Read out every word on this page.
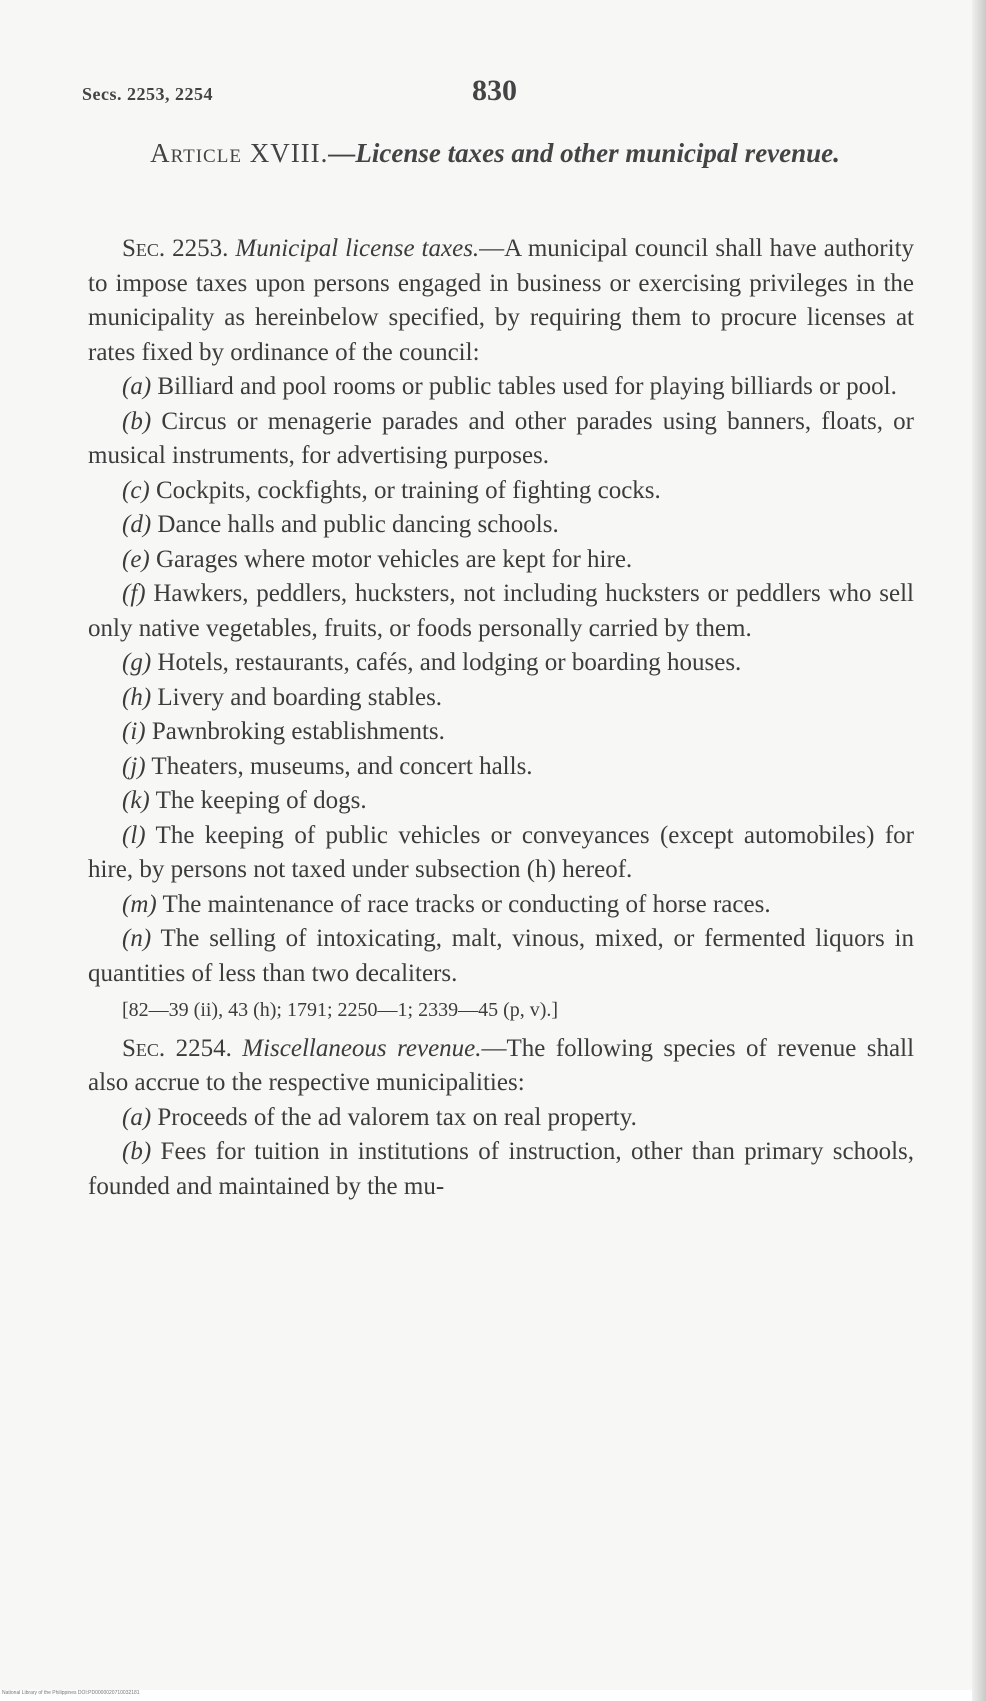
Secs. 2253, 2254	830
Article XVIII.—License taxes and other municipal revenue.

Sec. 2253. Municipal license taxes.—A municipal council shall have authority to impose taxes upon persons engaged in business or exercising privileges in the municipality as hereinbelow specified, by requiring them to procure licenses at rates fixed by ordinance of the council:

(a) Billiard and pool rooms or public tables used for playing billiards or pool.

(b) Circus or menagerie parades and other parades using banners, floats, or musical instruments, for advertising purposes.

(c) Cockpits, cockfights, or training of fighting cocks.

(d) Dance halls and public dancing schools.

(e) Garages where motor vehicles are kept for hire.

(f) Hawkers, peddlers, hucksters, not including hucksters or peddlers who sell only native vegetables, fruits, or foods personally carried by them.

(g) Hotels, restaurants, cafés, and lodging or boarding houses.

(h) Livery and boarding stables.

(i) Pawnbroking establishments.

(j) Theaters, museums, and concert halls.

(k) The keeping of dogs.

(l) The keeping of public vehicles or conveyances (except automobiles) for hire, by persons not taxed under subsection (h) hereof.

(m) The maintenance of race tracks or conducting of horse races.

(n) The selling of intoxicating, malt, vinous, mixed, or fermented liquors in quantities of less than two decaliters.

[82—39 (ii), 43 (h); 1791; 2250—1; 2339—45 (p, v).]

Sec. 2254. Miscellaneous revenue.—The following species of revenue shall also accrue to the respective municipalities:

(a) Proceeds of the ad valorem tax on real property.

(b) Fees for tuition in institutions of instruction, other than primary schools, founded and maintained by the mu-

National Library of the Philippines DOI:PD0000020710032181
